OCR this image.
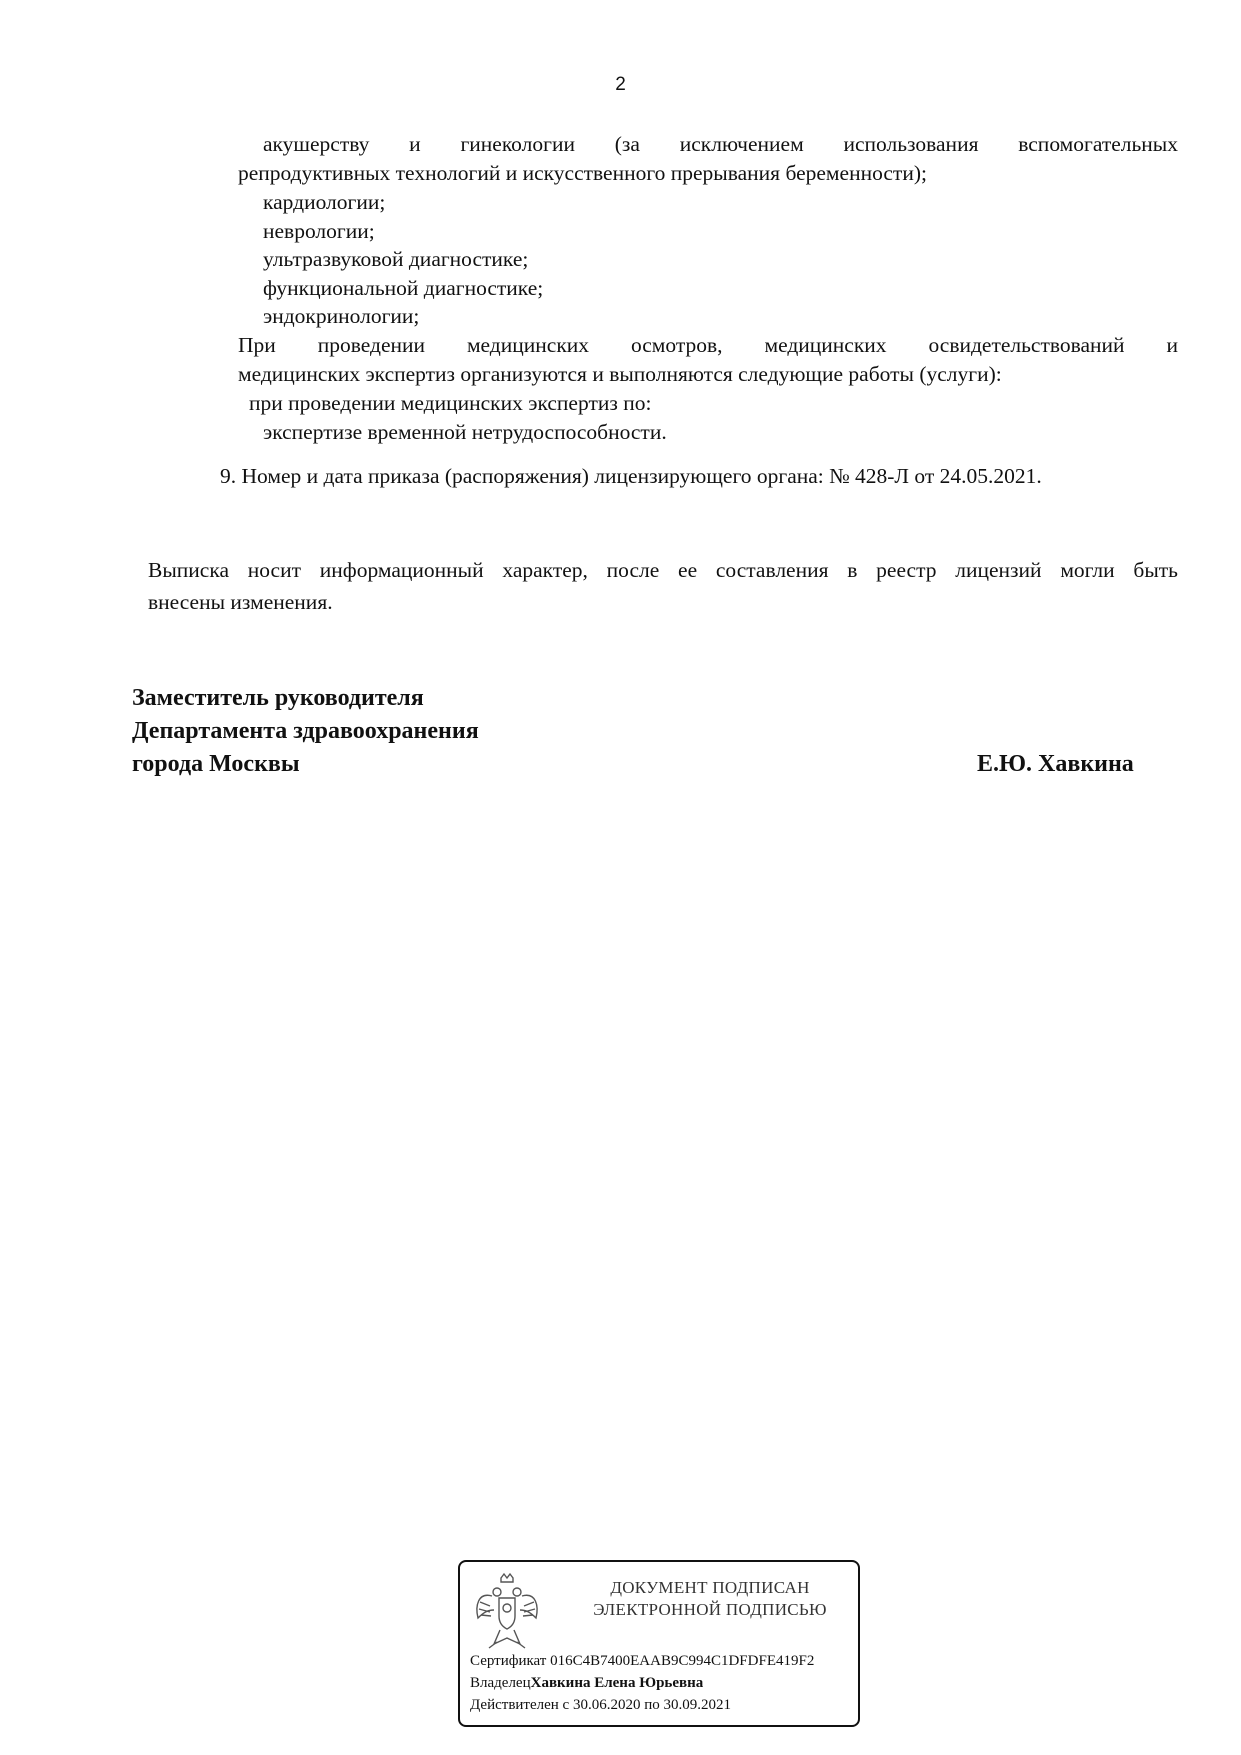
2
акушерству и гинекологии (за исключением использования вспомогательных
репродуктивных технологий и искусственного прерывания беременности);
кардиологии;
неврологии;
ультразвуковой диагностике;
функциональной диагностике;
эндокринологии;
При проведении медицинских осмотров, медицинских освидетельствований и
медицинских экспертиз организуются и выполняются следующие работы (услуги):
при проведении медицинских экспертиз по:
экспертизе временной нетрудоспособности.
9. Номер и дата приказа (распоряжения) лицензирующего органа: № 428-Л от 24.05.2021.
Выписка носит информационный характер, после ее составления в реестр лицензий могли быть
внесены изменения.
Заместитель руководителя
Департамента здравоохранения
города Москвы	Е.Ю. Хавкина
ДОКУМЕНТ ПОДПИСАН
ЭЛЕКТРОННОЙ ПОДПИСЬЮ
Сертификат 016C4B7400EAAB9C994C1DFDFE419F2
ВладелецХавкина Елена Юрьевна
Действителен с 30.06.2020 по 30.09.2021
